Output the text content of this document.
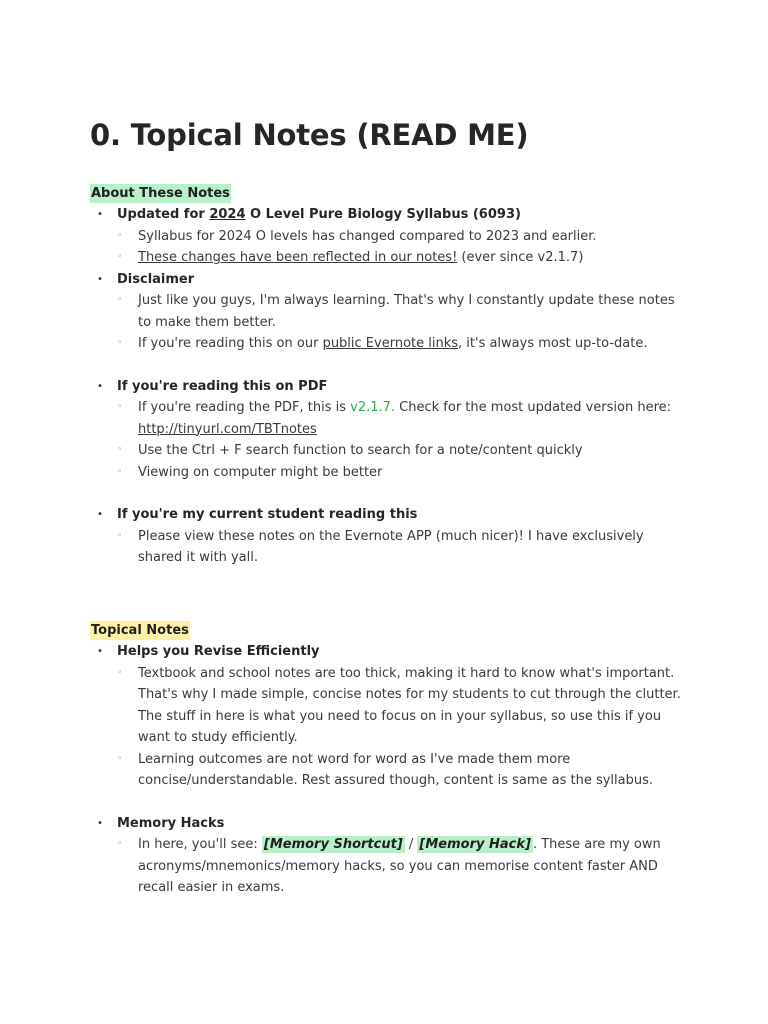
0. Topical Notes (READ ME)
About These Notes
• Updated for 2024 O Level Pure Biology Syllabus (6093)
◦ Syllabus for 2024 O levels has changed compared to 2023 and earlier.
◦ These changes have been reflected in our notes! (ever since v2.1.7)
• Disclaimer
◦ Just like you guys, I'm always learning. That's why I constantly update these notes to make them better.
◦ If you're reading this on our public Evernote links, it's always most up-to-date.
• If you're reading this on PDF
◦ If you're reading the PDF, this is v2.1.7. Check for the most updated version here: http://tinyurl.com/TBTnotes
◦ Use the Ctrl + F search function to search for a note/content quickly
◦ Viewing on computer might be better
• If you're my current student reading this
◦ Please view these notes on the Evernote APP (much nicer)! I have exclusively shared it with yall.
Topical Notes
• Helps you Revise Efficiently
◦ Textbook and school notes are too thick, making it hard to know what's important. That's why I made simple, concise notes for my students to cut through the clutter. The stuff in here is what you need to focus on in your syllabus, so use this if you want to study efficiently.
◦ Learning outcomes are not word for word as I've made them more concise/understandable. Rest assured though, content is same as the syllabus.
• Memory Hacks
◦ In here, you'll see: [Memory Shortcut] / [Memory Hack] . These are my own acronyms/mnemonics/memory hacks, so you can memorise content faster AND recall easier in exams.
